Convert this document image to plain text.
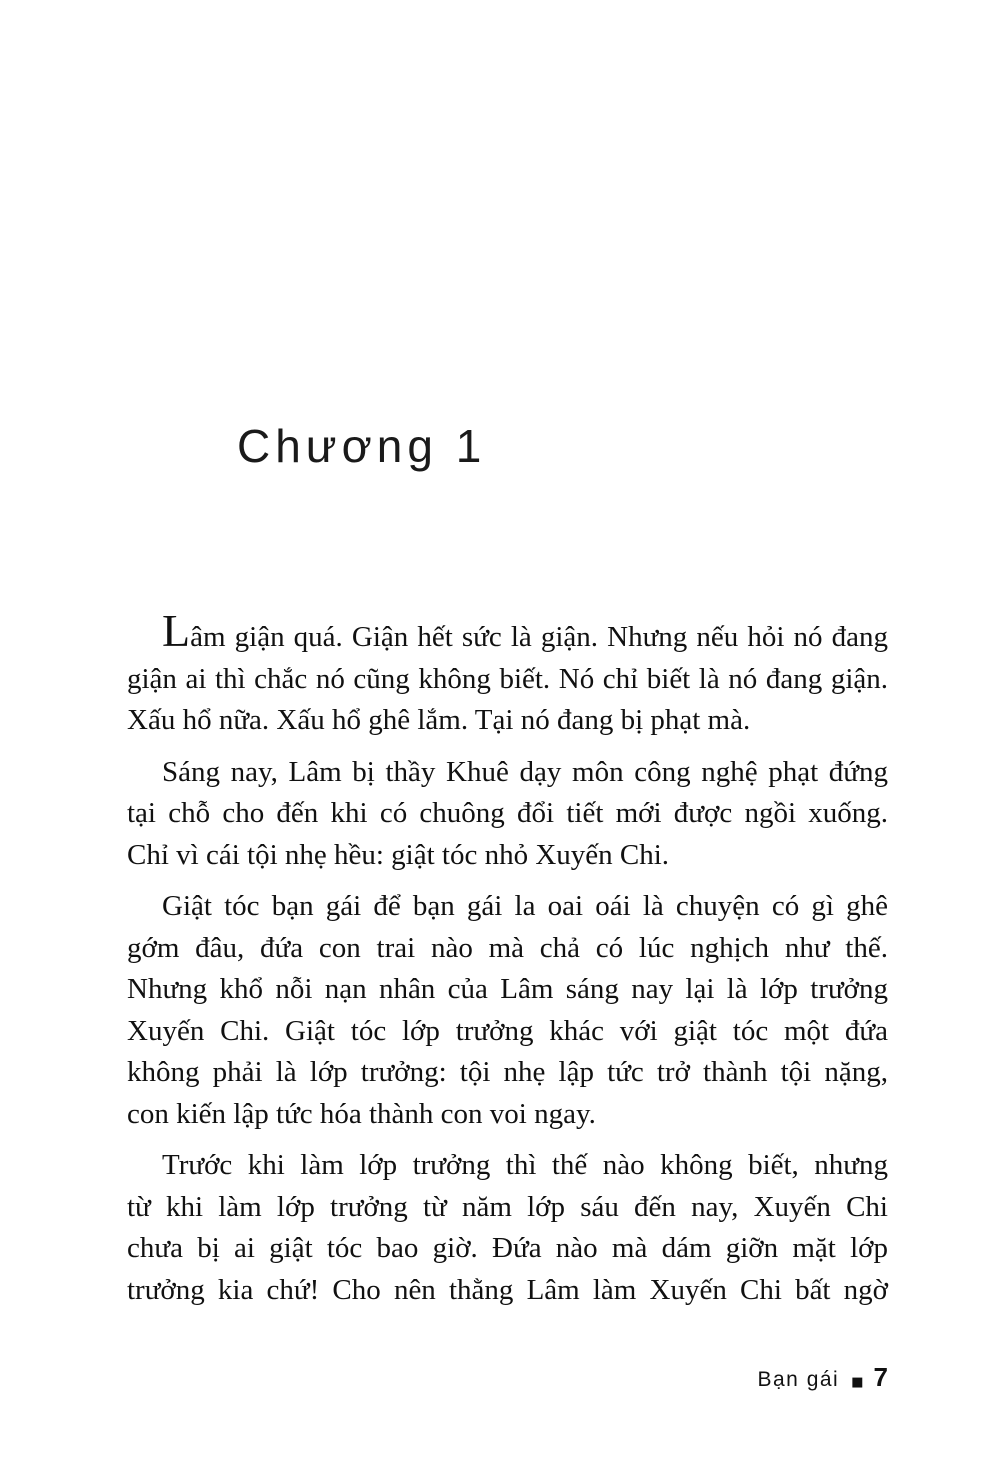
Chương 1
Lâm giận quá. Giận hết sức là giận. Nhưng nếu hỏi nó đang
giận ai thì chắc nó cũng không biết. Nó chỉ biết là nó đang giận.
Xấu hổ nữa. Xấu hổ ghê lắm. Tại nó đang bị phạt mà.
Sáng nay, Lâm bị thầy Khuê dạy môn công nghệ phạt đứng
tại chỗ cho đến khi có chuông đổi tiết mới được ngồi xuống.
Chỉ vì cái tội nhẹ hều: giật tóc nhỏ Xuyến Chi.
Giật tóc bạn gái để bạn gái la oai oái là chuyện có gì ghê
gớm đâu, đứa con trai nào mà chả có lúc nghịch như thế.
Nhưng khổ nỗi nạn nhân của Lâm sáng nay lại là lớp trưởng
Xuyến Chi. Giật tóc lớp trưởng khác với giật tóc một đứa
không phải là lớp trưởng: tội nhẹ lập tức trở thành tội nặng,
con kiến lập tức hóa thành con voi ngay.
Trước khi làm lớp trưởng thì thế nào không biết, nhưng
từ khi làm lớp trưởng từ năm lớp sáu đến nay, Xuyến Chi
chưa bị ai giật tóc bao giờ. Đứa nào mà dám giỡn mặt lớp
trưởng kia chứ! Cho nên thằng Lâm làm Xuyến Chi bất ngờ
Bạn gái ■ 7
